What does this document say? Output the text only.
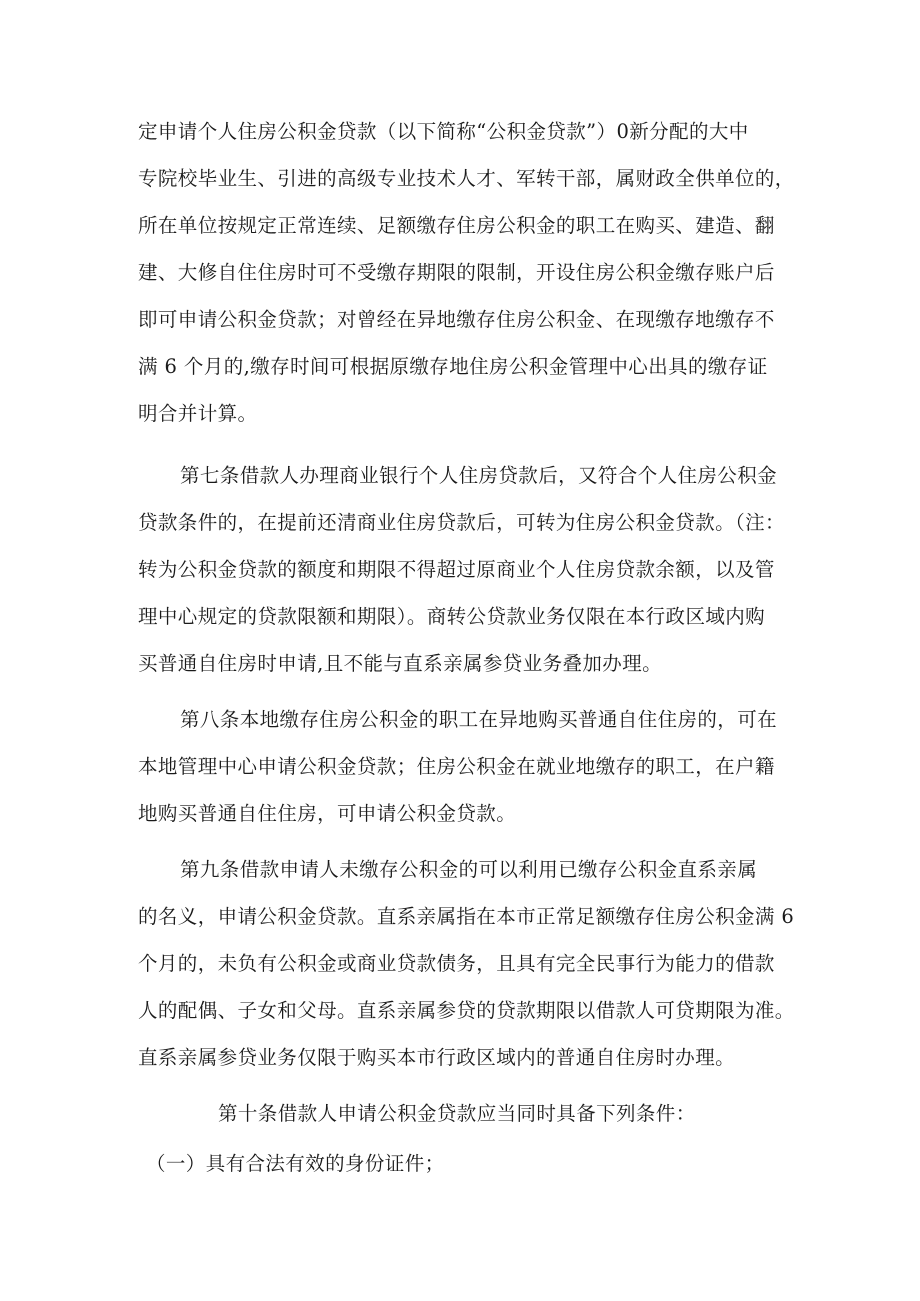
定申请个人住房公积金贷款（以下简称“公积金贷款”）0新分配的大中
专院校毕业生、引进的高级专业技术人才、军转干部，属财政全供单位的，
所在单位按规定正常连续、足额缴存住房公积金的职工在购买、建造、翻
建、大修自住住房时可不受缴存期限的限制，开设住房公积金缴存账户后
即可申请公积金贷款；对曾经在异地缴存住房公积金、在现缴存地缴存不
满 6 个月的,缴存时间可根据原缴存地住房公积金管理中心出具的缴存证
明合并计算。
第七条借款人办理商业银行个人住房贷款后，又符合个人住房公积金
贷款条件的，在提前还清商业住房贷款后，可转为住房公积金贷款。（注：
转为公积金贷款的额度和期限不得超过原商业个人住房贷款余额，以及管
理中心规定的贷款限额和期限）。商转公贷款业务仅限在本行政区域内购
买普通自住房时申请,且不能与直系亲属参贷业务叠加办理。
第八条本地缴存住房公积金的职工在异地购买普通自住住房的，可在
本地管理中心申请公积金贷款；住房公积金在就业地缴存的职工，在户籍
地购买普通自住住房，可申请公积金贷款。
第九条借款申请人未缴存公积金的可以利用已缴存公积金直系亲属
的名义，申请公积金贷款。直系亲属指在本市正常足额缴存住房公积金满 6
个月的，未负有公积金或商业贷款债务，且具有完全民事行为能力的借款
人的配偶、子女和父母。直系亲属参贷的贷款期限以借款人可贷期限为准。
直系亲属参贷业务仅限于购买本市行政区域内的普通自住房时办理。
第十条借款人申请公积金贷款应当同时具备下列条件：
（一）具有合法有效的身份证件；
